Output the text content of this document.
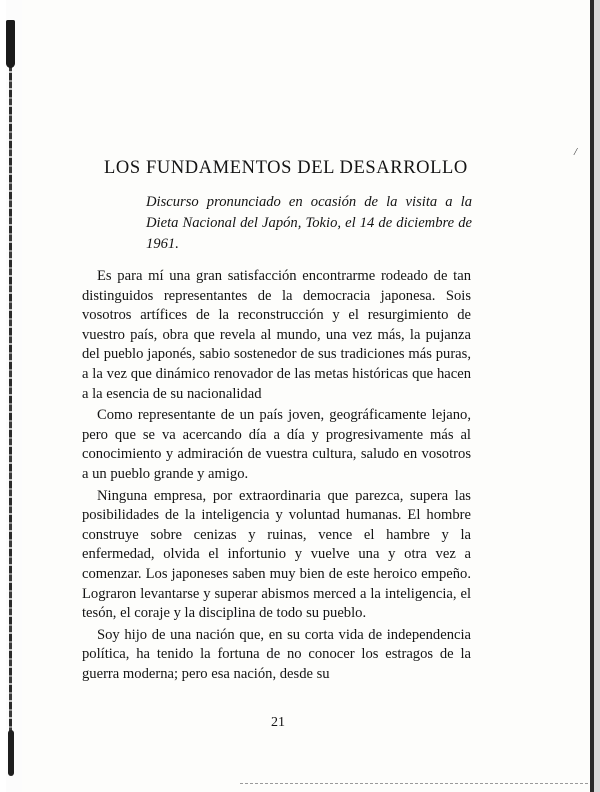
/
LOS FUNDAMENTOS DEL DESARROLLO

Discurso pronunciado en ocasión de la visita a la Dieta Nacional del Japón, Tokio, el 14 de diciembre de 1961.

Es para mí una gran satisfacción encontrarme rodeado de tan distinguidos representantes de la democracia japonesa. Sois vosotros artífices de la reconstrucción y el resurgimiento de vuestro país, obra que revela al mundo, una vez más, la pujanza del pueblo japonés, sabio sostenedor de sus tradiciones más puras, a la vez que dinámico renovador de las metas históricas que hacen a la esencia de su nacionalidad

Como representante de un país joven, geográficamente lejano, pero que se va acercando día a día y progresivamente más al conocimiento y admiración de vuestra cultura, saludo en vosotros a un pueblo grande y amigo.

Ninguna empresa, por extraordinaria que parezca, supera las posibilidades de la inteligencia y voluntad humanas. El hombre construye sobre cenizas y ruinas, vence el hambre y la enfermedad, olvida el infortunio y vuelve una y otra vez a comenzar. Los japoneses saben muy bien de este heroico empeño. Lograron levantarse y superar abismos merced a la inteligencia, el tesón, el coraje y la disciplina de todo su pueblo.

Soy hijo de una nación que, en su corta vida de independencia política, ha tenido la fortuna de no conocer los estragos de la guerra moderna; pero esa nación, desde su

21
